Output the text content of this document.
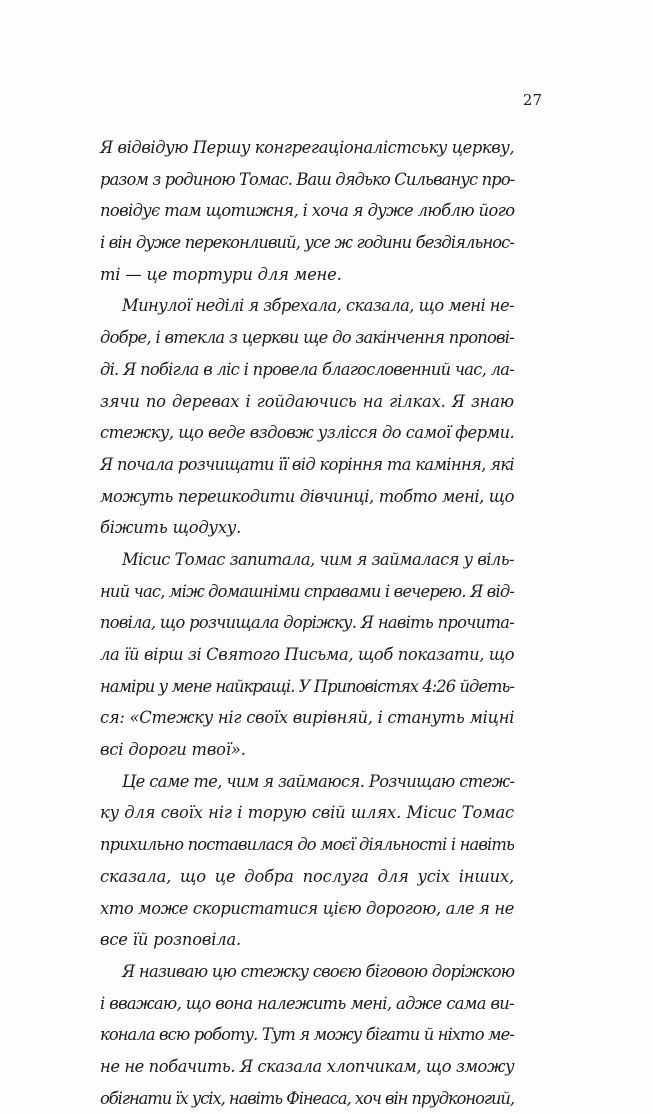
27
Я відвідую Першу конгрегаціоналістську церкву,
разом з родиною Томас. Ваш дядько Сильванус про-
повідує там щотижня, і хоча я дуже люблю його
і він дуже переконливий, усе ж години бездіяльнос-
ті — це тортури для мене.
Минулої неділі я збрехала, сказала, що мені не-
добре, і втекла з церкви ще до закінчення пропові-
ді. Я побігла в ліс і провела благословенний час, ла-
зячи по деревах і гойдаючись на гілках. Я знаю
стежку, що веде вздовж узлісся до самої ферми.
Я почала розчищати її від коріння та каміння, які
можуть перешкодити дівчинці, тобто мені, що
біжить щодуху.
Місис Томас запитала, чим я займалася у віль-
ний час, між домашніми справами і вечерею. Я від-
повіла, що розчищала доріжку. Я навіть прочита-
ла їй вірш зі Святого Письма, щоб показати, що
наміри у мене найкращі. У Приповістях 4:26 йдеть-
ся: «Стежку ніг своїх вирівняй, і стануть міцні
всі дороги твої».
Це саме те, чим я займаюся. Розчищаю стеж-
ку для своїх ніг і торую свій шлях. Місис Томас
прихильно поставилася до моєї діяльності і навіть
сказала, що це добра послуга для усіх інших,
хто може скористатися цією дорогою, але я не
все їй розповіла.
Я називаю цю стежку своєю біговою доріжкою
і вважаю, що вона належить мені, адже сама ви-
конала всю роботу. Тут я можу бігати й ніхто ме-
не не побачить. Я сказала хлопчикам, що зможу
обігнати їх усіх, навіть Фінеаса, хоч він прудконогий,
